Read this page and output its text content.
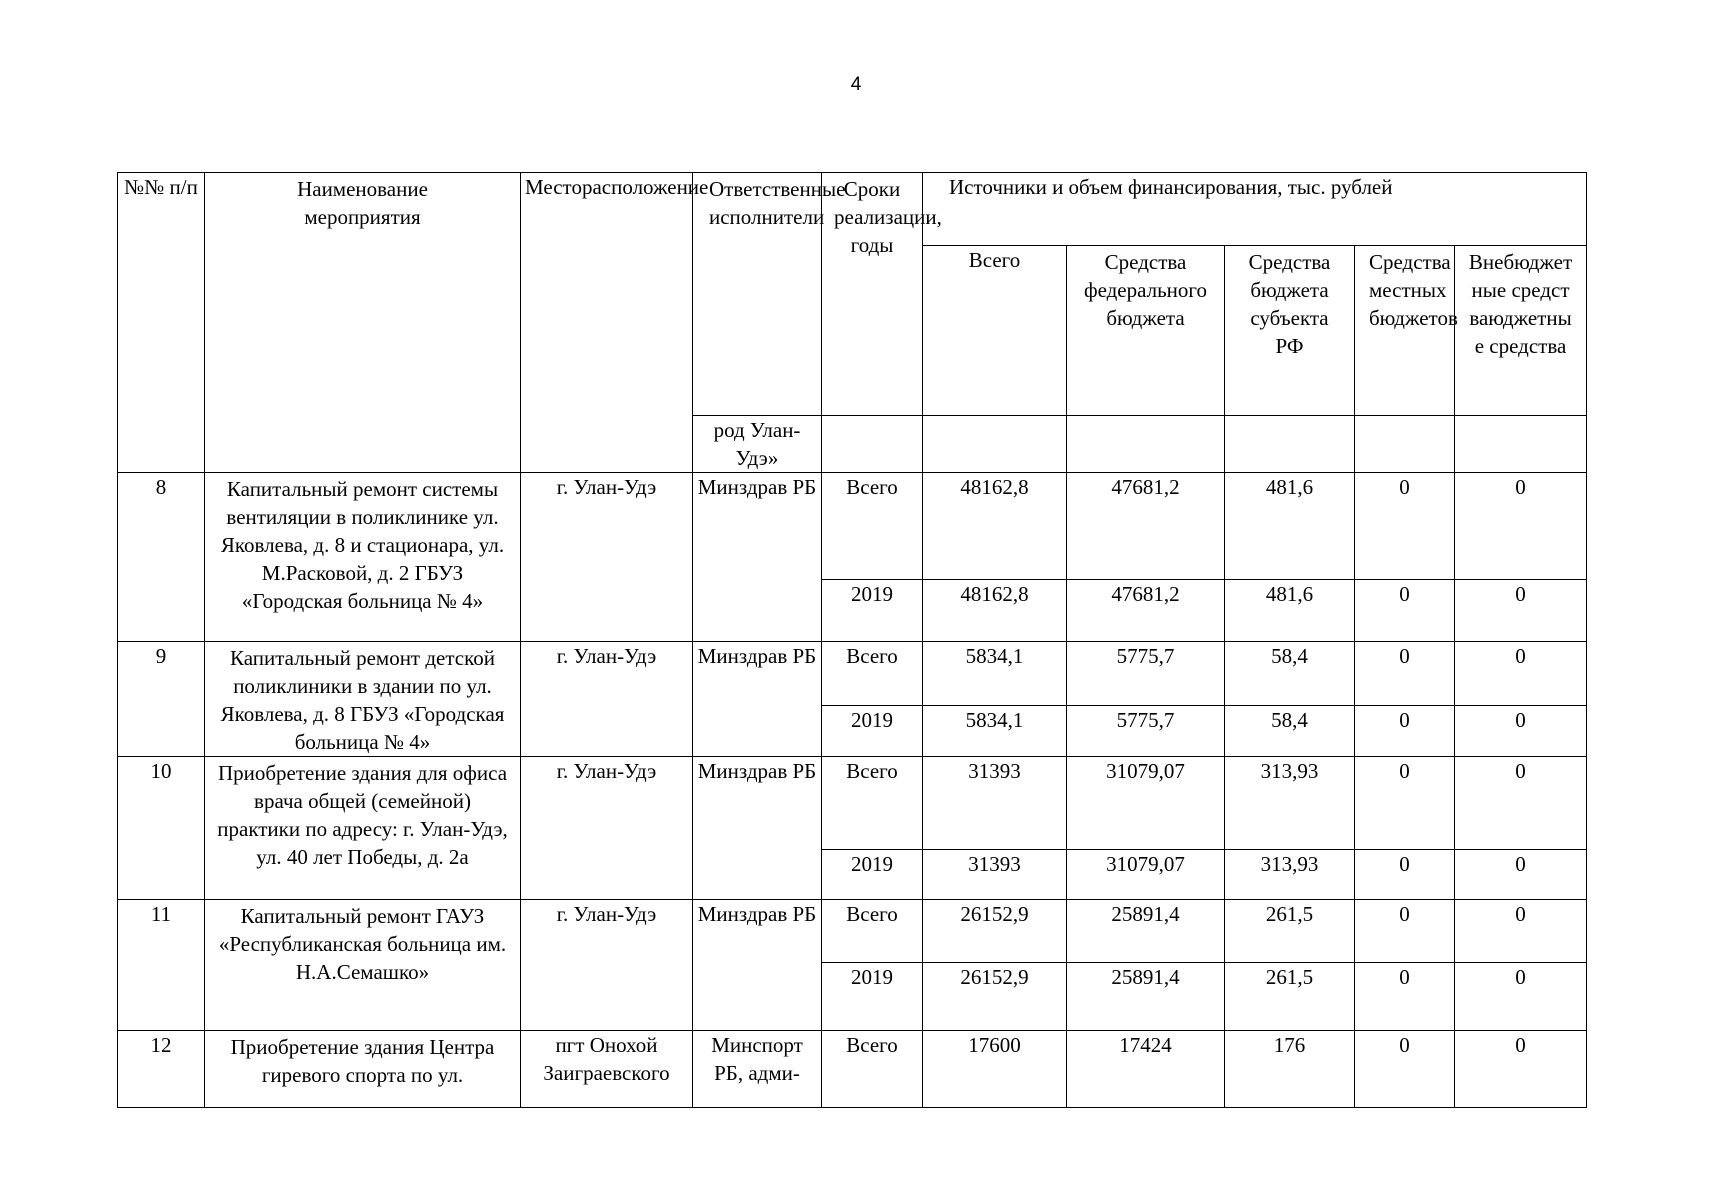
4
№№ п/п	Наименование мероприятия	Месторасположение	Ответственные исполнители	Сроки реализации, годы	Источники и объем финансирования, тыс. рублей				
					Всего	Средства федерального бюджета	Средства бюджета субъекта РФ	Средства местных бюджетов	Внебюджетные средстваюджетные средства
			род Улан-Удэ»						
8	Капитальный ремонт системы вентиляции в поликлинике ул. Яковлева, д. 8 и стационара, ул. М.Расковой, д. 2 ГБУЗ «Городская больница № 4»	г. Улан-Удэ	Минздрав РБ	Всего	48162,8	47681,2	481,6	0	0
				2019	48162,8	47681,2	481,6	0	0
9	Капитальный ремонт детской поликлиники в здании по ул. Яковлева, д. 8 ГБУЗ «Городская больница № 4»	г. Улан-Удэ	Минздрав РБ	Всего	5834,1	5775,7	58,4	0	0
				2019	5834,1	5775,7	58,4	0	0
10	Приобретение здания для офиса врача общей (семейной) практики по адресу: г. Улан-Удэ, ул. 40 лет Победы, д. 2а	г. Улан-Удэ	Минздрав РБ	Всего	31393	31079,07	313,93	0	0
				2019	31393	31079,07	313,93	0	0
11	Капитальный ремонт ГАУЗ «Республиканская больница им. Н.А.Семашко»	г. Улан-Удэ	Минздрав РБ	Всего	26152,9	25891,4	261,5	0	0
				2019	26152,9	25891,4	261,5	0	0
12	Приобретение здания Центра гиревого спорта по ул.	пгт Онохой Заиграевского	Минспорт РБ, адми-	Всего	17600	17424	176	0	0
